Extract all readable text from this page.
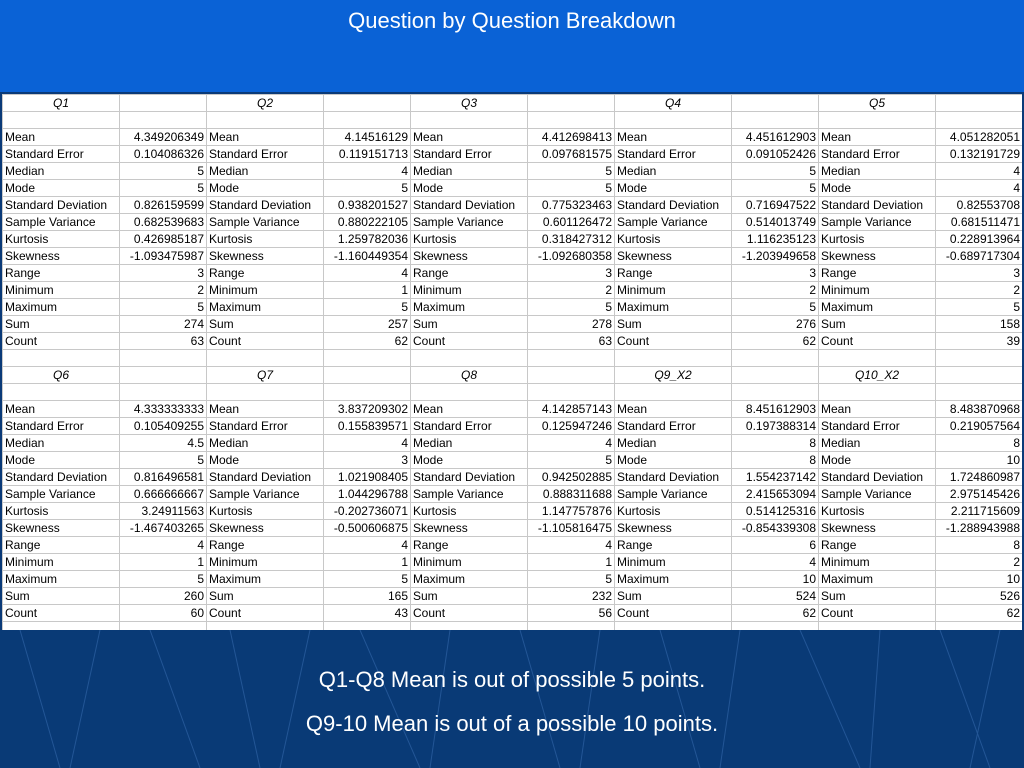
Question by Question Breakdown
Q1		Q2		Q3		Q4		Q5	

Mean	4.349206349	Mean	4.14516129	Mean	4.412698413	Mean	4.451612903	Mean	4.051282051
Standard Error	0.104086326	Standard Error	0.119151713	Standard Error	0.097681575	Standard Error	0.091052426	Standard Error	0.132191729
Median	5	Median	4	Median	5	Median	5	Median	4
Mode	5	Mode	5	Mode	5	Mode	5	Mode	4
Standard Deviation	0.826159599	Standard Deviation	0.938201527	Standard Deviation	0.775323463	Standard Deviation	0.716947522	Standard Deviation	0.82553708
Sample Variance	0.682539683	Sample Variance	0.880222105	Sample Variance	0.601126472	Sample Variance	0.514013749	Sample Variance	0.681511471
Kurtosis	0.426985187	Kurtosis	1.259782036	Kurtosis	0.318427312	Kurtosis	1.116235123	Kurtosis	0.228913964
Skewness	-1.093475987	Skewness	-1.160449354	Skewness	-1.092680358	Skewness	-1.203949658	Skewness	-0.689717304
Range	3	Range	4	Range	3	Range	3	Range	3
Minimum	2	Minimum	1	Minimum	2	Minimum	2	Minimum	2
Maximum	5	Maximum	5	Maximum	5	Maximum	5	Maximum	5
Sum	274	Sum	257	Sum	278	Sum	276	Sum	158
Count	63	Count	62	Count	63	Count	62	Count	39

Q6		Q7		Q8		Q9_X2		Q10_X2	

Mean	4.333333333	Mean	3.837209302	Mean	4.142857143	Mean	8.451612903	Mean	8.483870968
Standard Error	0.105409255	Standard Error	0.155839571	Standard Error	0.125947246	Standard Error	0.197388314	Standard Error	0.219057564
Median	4.5	Median	4	Median	4	Median	8	Median	8
Mode	5	Mode	3	Mode	5	Mode	8	Mode	10
Standard Deviation	0.816496581	Standard Deviation	1.021908405	Standard Deviation	0.942502885	Standard Deviation	1.554237142	Standard Deviation	1.724860987
Sample Variance	0.666666667	Sample Variance	1.044296788	Sample Variance	0.888311688	Sample Variance	2.415653094	Sample Variance	2.975145426
Kurtosis	3.24911563	Kurtosis	-0.202736071	Kurtosis	1.147757876	Kurtosis	0.514125316	Kurtosis	2.211715609
Skewness	-1.467403265	Skewness	-0.500606875	Skewness	-1.105816475	Skewness	-0.854339308	Skewness	-1.288943988
Range	4	Range	4	Range	4	Range	6	Range	8
Minimum	1	Minimum	1	Minimum	1	Minimum	4	Minimum	2
Maximum	5	Maximum	5	Maximum	5	Maximum	10	Maximum	10
Sum	260	Sum	165	Sum	232	Sum	524	Sum	526
Count	60	Count	43	Count	56	Count	62	Count	62

Q1-Q8 Mean is out of possible 5 points.
Q9-10 Mean is out of a possible 10 points.
